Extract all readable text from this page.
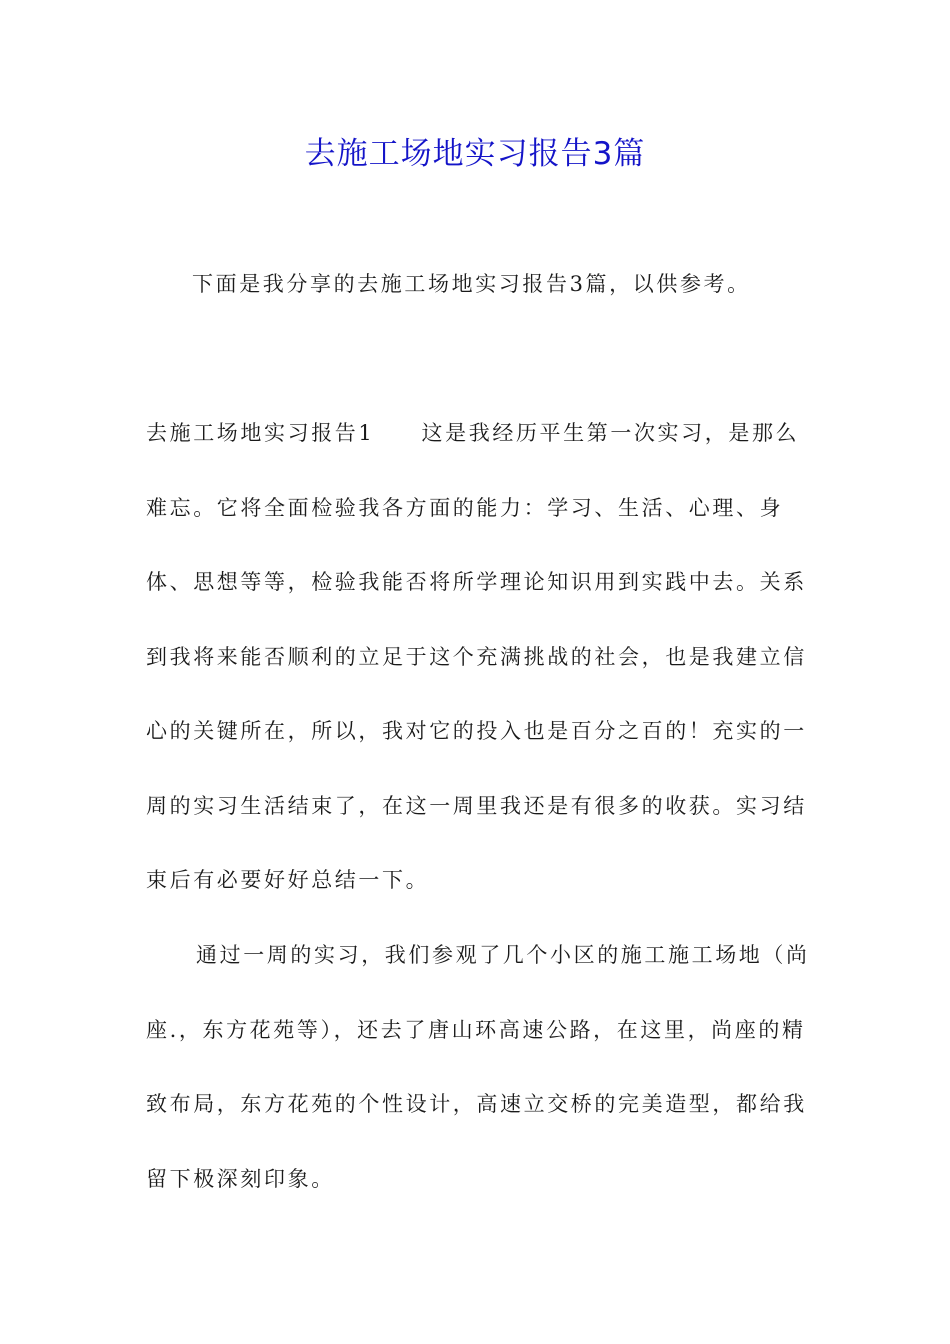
去施工场地实习报告3篇

下面是我分享的去施工场地实习报告3篇，以供参考。

去施工场地实习报告1　　这是我经历平生第一次实习，是那么难忘。它将全面检验我各方面的能力：学习、生活、心理、身体、思想等等，检验我能否将所学理论知识用到实践中去。关系到我将来能否顺利的立足于这个充满挑战的社会，也是我建立信心的关键所在，所以，我对它的投入也是百分之百的！充实的一周的实习生活结束了，在这一周里我还是有很多的收获。实习结束后有必要好好总结一下。

通过一周的实习，我们参观了几个小区的施工施工场地（尚座.，东方花苑等），还去了唐山环高速公路，在这里，尚座的精致布局，东方花苑的个性设计，高速立交桥的完美造型，都给我留下极深刻印象。
